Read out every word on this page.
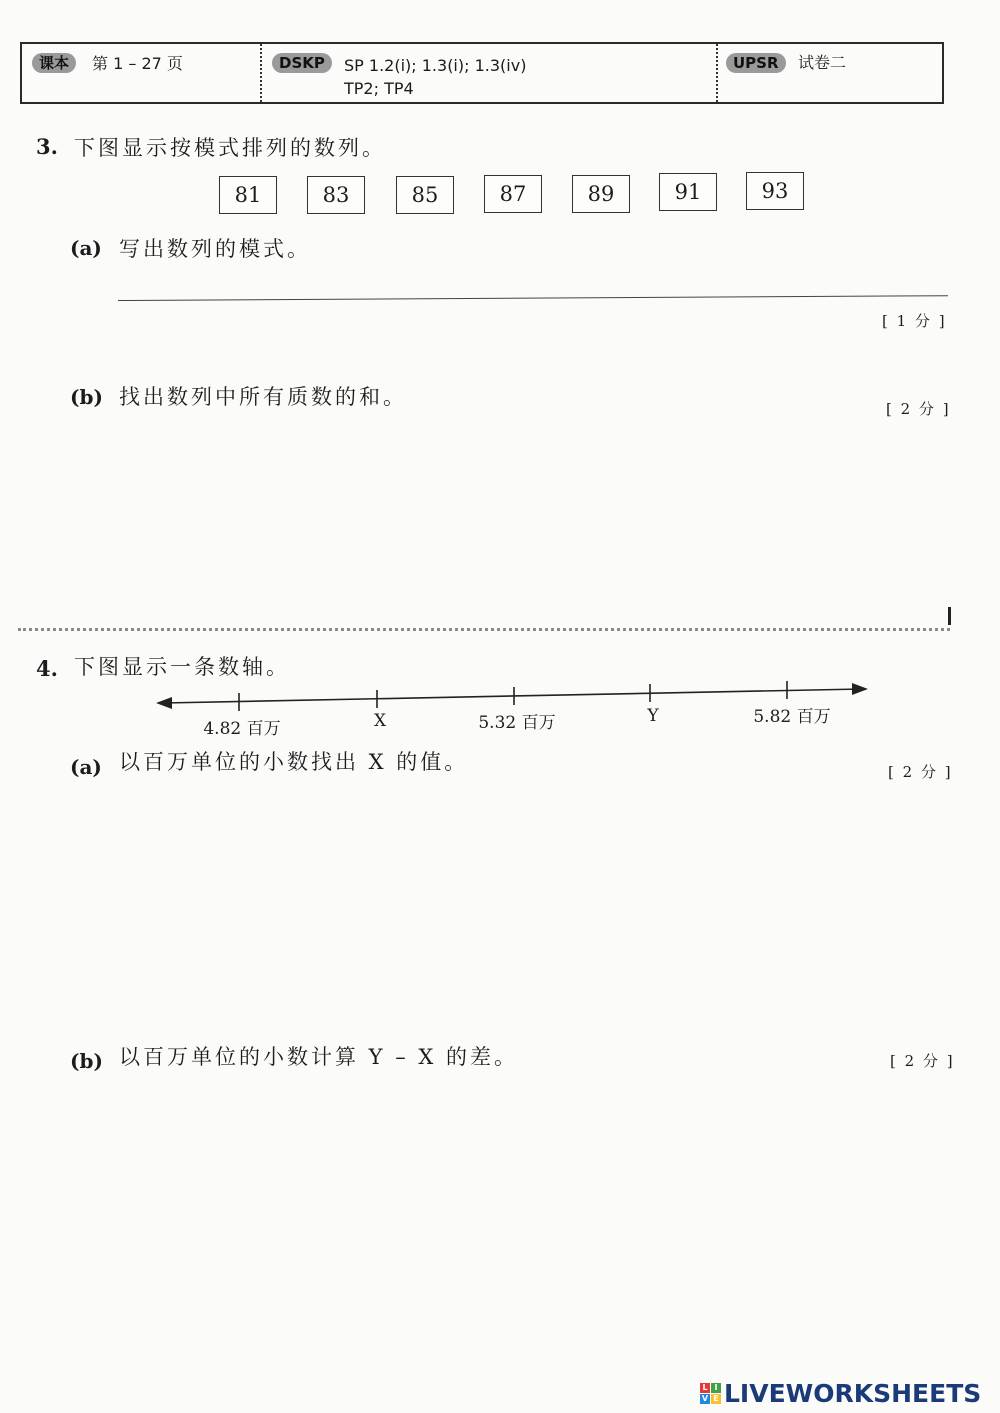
课本	第 1 – 27 页	DSKP	SP 1.2(i); 1.3(i); 1.3(iv)
TP2; TP4
UPSR	试卷二
3. 下图显示按模式排列的数列。
81	83	85	87	89	91	93
(a) 写出数列的模式。
[ 1 分 ]
(b) 找出数列中所有质数的和。	[ 2 分 ]
4. 下图显示一条数轴。
4.82 百万	X	5.32 百万	Y	5.82 百万
(a) 以百万单位的小数找出 X 的值。	[ 2 分 ]
(b) 以百万单位的小数计算 Y – X 的差。	[ 2 分 ]
L I
V E LIVEWORKSHEETS
